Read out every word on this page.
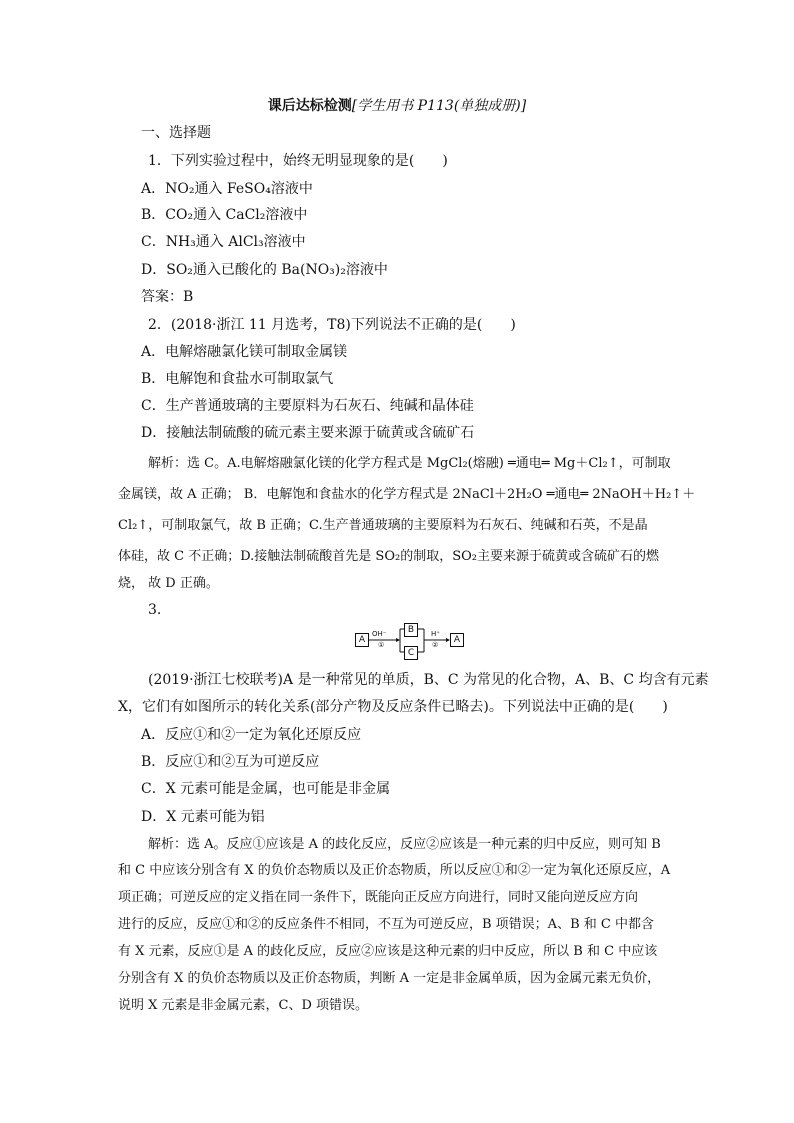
课后达标检测[学生用书 P113(单独成册)]
一、选择题
1．下列实验过程中，始终无明显现象的是(　　)
A．NO₂通入 FeSO₄溶液中
B．CO₂通入 CaCl₂溶液中
C．NH₃通入 AlCl₃溶液中
D．SO₂通入已酸化的 Ba(NO₃)₂溶液中
答案：B
2．(2018·浙江 11 月选考，T8)下列说法不正确的是(　　)
A．电解熔融氯化镁可制取金属镁
B．电解饱和食盐水可制取氯气
C．生产普通玻璃的主要原料为石灰石、纯碱和晶体硅
D．接触法制硫酸的硫元素主要来源于硫黄或含硫矿石
解析：选 C。A.电解熔融氯化镁的化学方程式是 MgCl₂(熔融) ═通电═ Mg＋Cl₂↑，可制取
金属镁，故 A 正确； B．电解饱和食盐水的化学方程式是 2NaCl＋2H₂O ═通电═ 2NaOH＋H₂↑＋
Cl₂↑，可制取氯气，故 B 正确；C.生产普通玻璃的主要原料为石灰石、纯碱和石英，不是晶
体硅，故 C 不正确；D.接触法制硫酸首先是 SO₂的制取，SO₂主要来源于硫黄或含硫矿石的燃
烧， 故 D 正确。
3.
A
B
C
A
OH⁻
①
H⁺
②
(2019·浙江七校联考)A 是一种常见的单质，B、C 为常见的化合物，A、B、C 均含有元素
X，它们有如图所示的转化关系(部分产物及反应条件已略去)。下列说法中正确的是(　　)
A．反应①和②一定为氧化还原反应
B．反应①和②互为可逆反应
C．X 元素可能是金属，也可能是非金属
D．X 元素可能为铝
解析：选 A。反应①应该是 A 的歧化反应，反应②应该是一种元素的归中反应，则可知 B
和 C 中应该分别含有 X 的负价态物质以及正价态物质，所以反应①和②一定为氧化还原反应，A
项正确；可逆反应的定义指在同一条件下，既能向正反应方向进行，同时又能向逆反应方向
进行的反应，反应①和②的反应条件不相同，不互为可逆反应，B 项错误；A、B 和 C 中都含
有 X 元素，反应①是 A 的歧化反应，反应②应该是这种元素的归中反应，所以 B 和 C 中应该
分别含有 X 的负价态物质以及正价态物质，判断 A 一定是非金属单质，因为金属元素无负价，
说明 X 元素是非金属元素，C、D 项错误。
